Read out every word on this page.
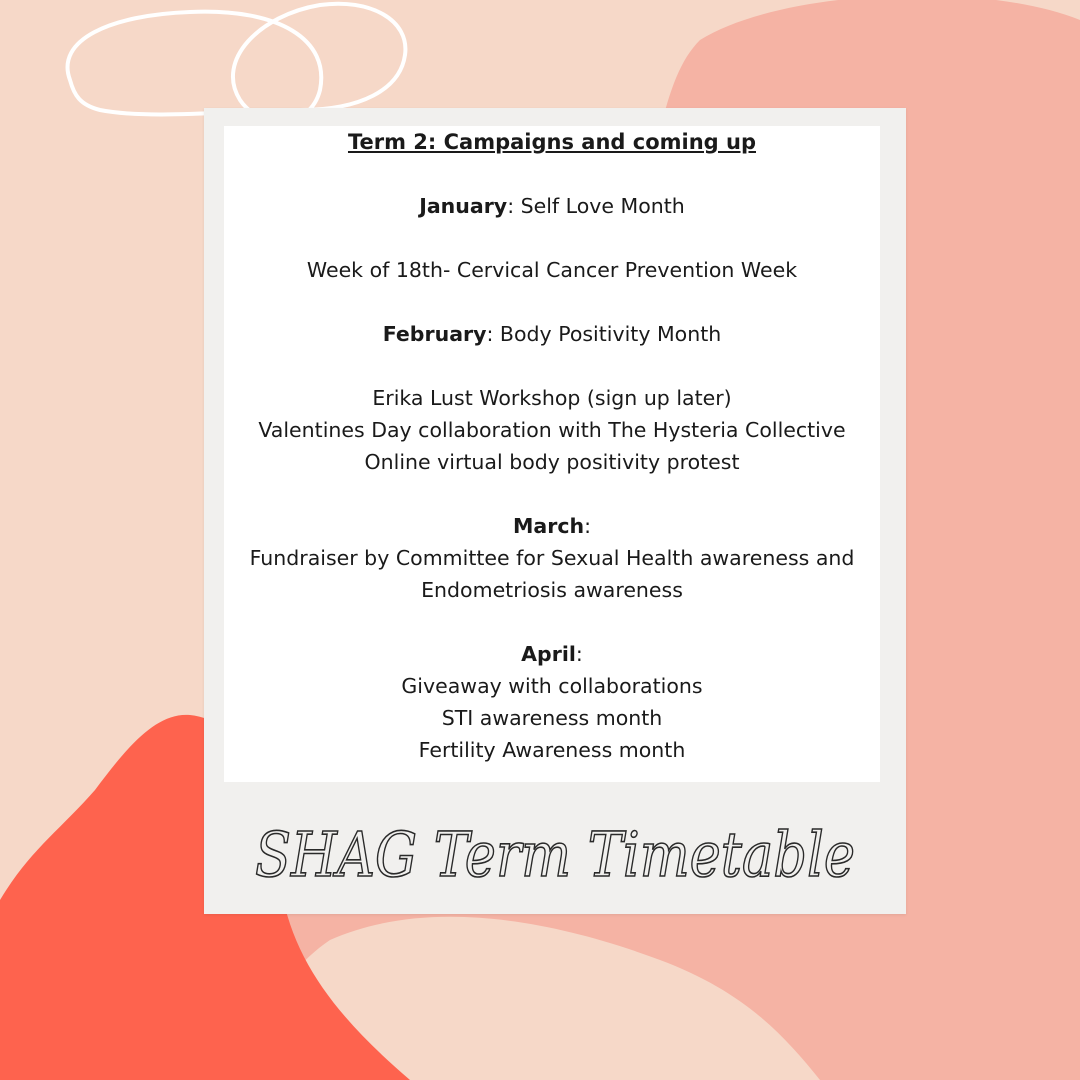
Term 2: Campaigns and coming up
January: Self Love Month
Week of 18th- Cervical Cancer Prevention Week
February: Body Positivity Month
Erika Lust Workshop (sign up later)
Valentines Day collaboration with The Hysteria Collective
Online virtual body positivity protest
March:
Fundraiser by Committee for Sexual Health awareness and
Endometriosis awareness
April:
Giveaway with collaborations
STI awareness month
Fertility Awareness month
SHAG Term Timetable
